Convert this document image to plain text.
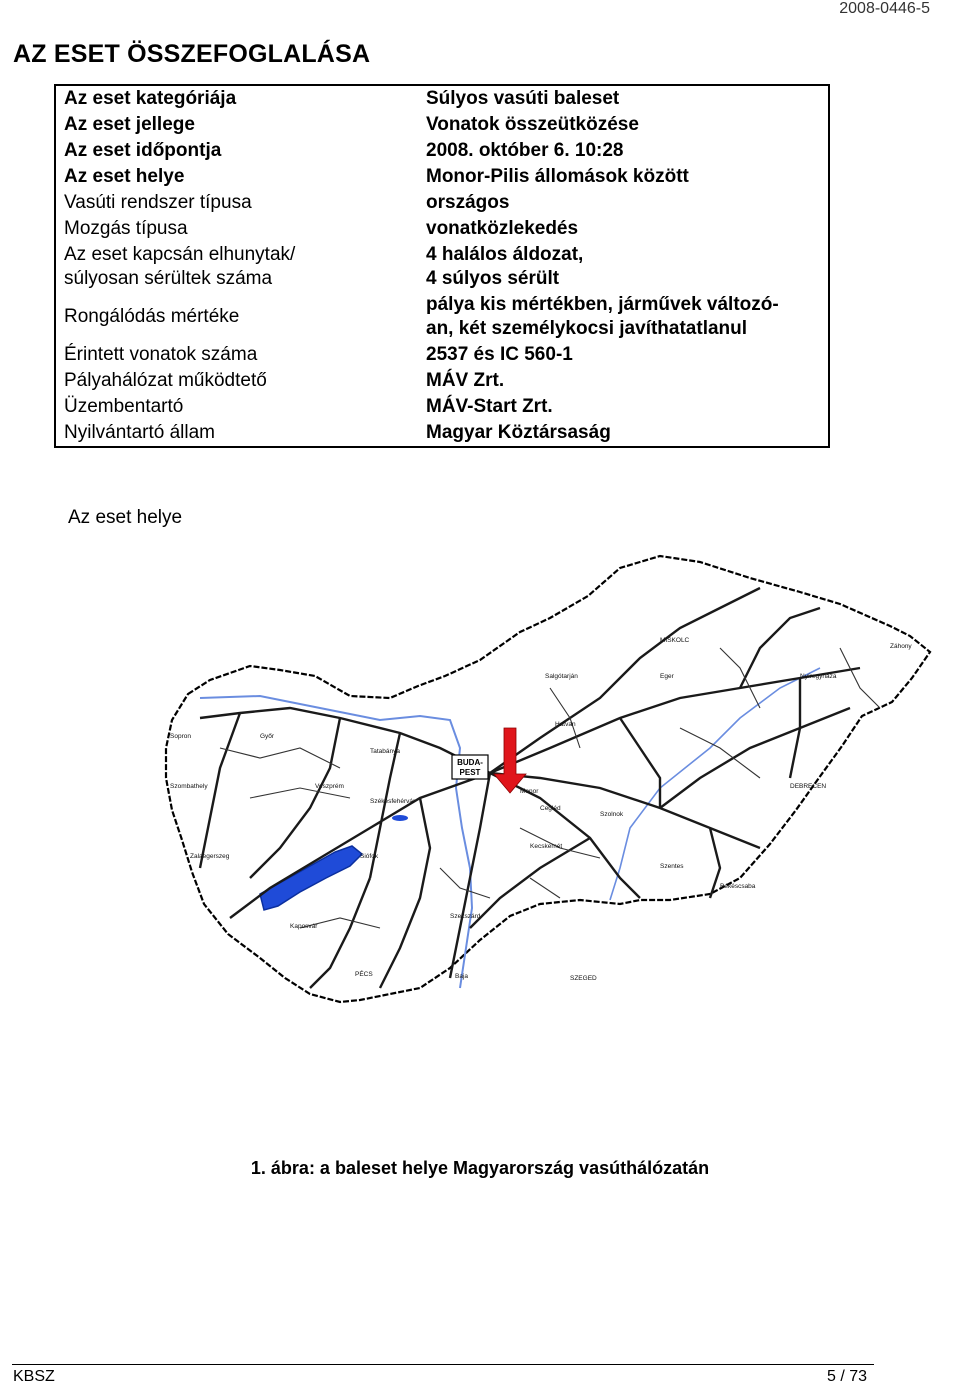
2008-0446-5
AZ ESET ÖSSZEFOGLALÁSA
Az eset kategóriája	Súlyos vasúti baleset
Az eset jellege	Vonatok összeütközése
Az eset időpontja	2008. október 6. 10:28
Az eset helye	Monor-Pilis állomások között
Vasúti rendszer típusa	országos
Mozgás típusa	vonatközlekedés
Az eset kapcsán elhunytak/
súlyosan sérültek száma	4 halálos áldozat,
4 súlyos sérült
Rongálódás mértéke	pálya kis mértékben, járművek változó-
an, két személykocsi javíthatatlanul
Érintett vonatok száma	2537 és IC 560-1
Pályahálózat működtető	MÁV Zrt.
Üzembentartó	MÁV-Start Zrt.
Nyilvántartó állam	Magyar Köztársaság
Az eset helye
BUDA-
PEST
MISKOLC
DEBRECEN
SZEGED
PÉCS
Győr
Szolnok
Kecskemét
Szombathely
Zalaegerszeg
Kaposvár
Nyíregyháza
Szekszárd
Eger
Salgótarján
Veszprém
Székesfehérvár
Tatabánya
Sopron
Békéscsaba
Hatvan
Cegléd
Monor
Siófok
Baja
Szentes
Záhony
1. ábra: a baleset helye Magyarország vasúthálózatán
KBSZ	5 / 73
